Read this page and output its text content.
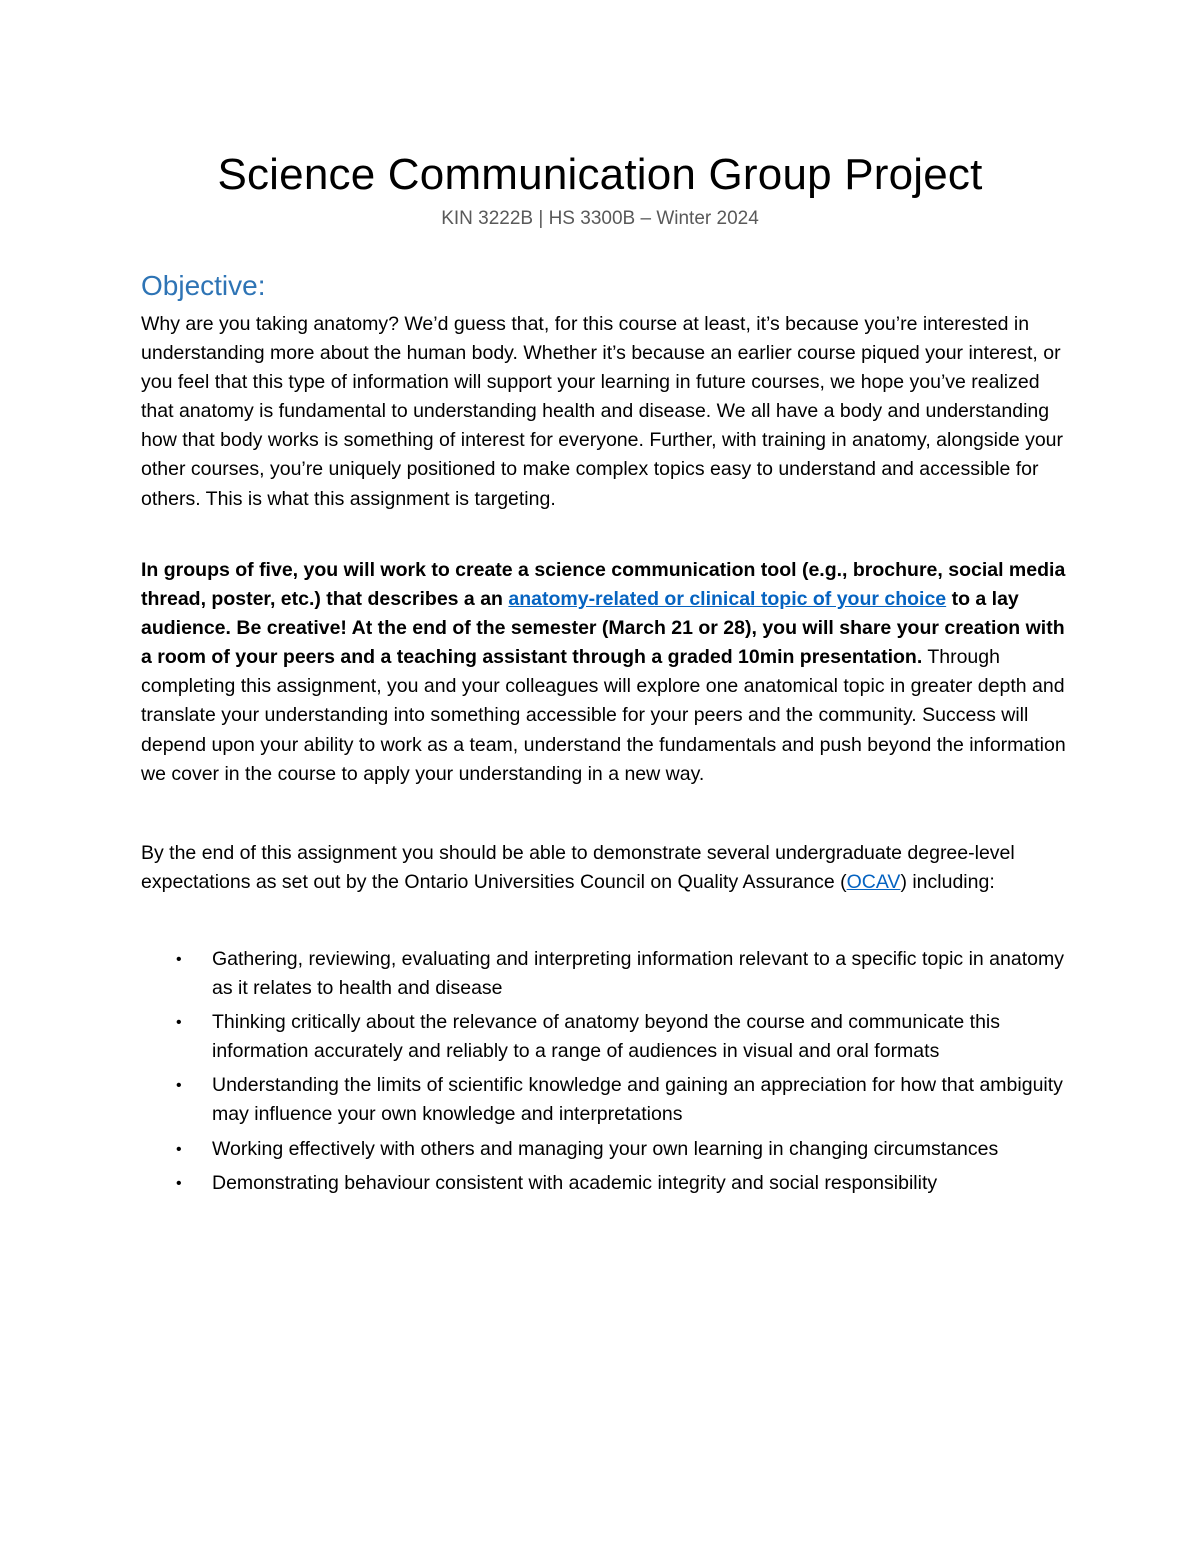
Science Communication Group Project
KIN 3222B | HS 3300B – Winter 2024
Objective:

Why are you taking anatomy? We’d guess that, for this course at least, it’s because you’re interested in understanding more about the human body. Whether it’s because an earlier course piqued your interest, or you feel that this type of information will support your learning in future courses, we hope you’ve realized that anatomy is fundamental to understanding health and disease. We all have a body and understanding how that body works is something of interest for everyone. Further, with training in anatomy, alongside your other courses, you’re uniquely positioned to make complex topics easy to understand and accessible for others. This is what this assignment is targeting.

In groups of five, you will work to create a science communication tool (e.g., brochure, social media thread, poster, etc.) that describes a an anatomy-related or clinical topic of your choice to a lay audience. Be creative! At the end of the semester (March 21 or 28), you will share your creation with a room of your peers and a teaching assistant through a graded 10min presentation. Through completing this assignment, you and your colleagues will explore one anatomical topic in greater depth and translate your understanding into something accessible for your peers and the community. Success will depend upon your ability to work as a team, understand the fundamentals and push beyond the information we cover in the course to apply your understanding in a new way.

By the end of this assignment you should be able to demonstrate several undergraduate degree-level expectations as set out by the Ontario Universities Council on Quality Assurance (OCAV) including:

• Gathering, reviewing, evaluating and interpreting information relevant to a specific topic in anatomy as it relates to health and disease
• Thinking critically about the relevance of anatomy beyond the course and communicate this information accurately and reliably to a range of audiences in visual and oral formats
• Understanding the limits of scientific knowledge and gaining an appreciation for how that ambiguity may influence your own knowledge and interpretations
• Working effectively with others and managing your own learning in changing circumstances
• Demonstrating behaviour consistent with academic integrity and social responsibility
